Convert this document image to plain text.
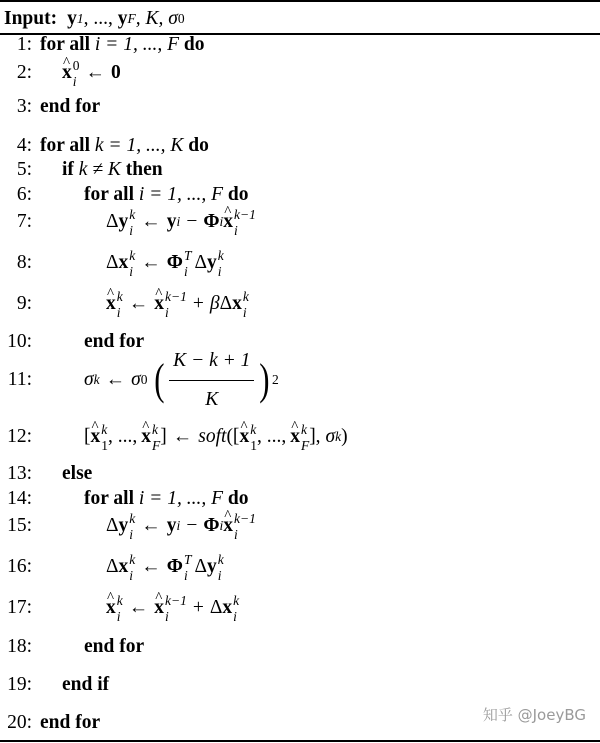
Input: y 1 , ..., y F , K, σ 0
1: for all
i = 1, ..., F
do
2: ^ x 0
i ← 0
3: end for
4: for all
k = 1, ..., K
do
5: if
k ≠ K
then
6:	for all
i = 1, ..., F
do
7:	Δ y k
i ← y i − Φ i ^ x k−1
i
8:	Δ x k
i ← Φ T
i Δ y k
i
9:	^ x k
i ← ^ x k−1
i	+ β Δ x k
i
10:	end for
11:	σ k ← σ 0 ( $\frac{K - k + 1}{K}$ ) 2
12:	[ ^ x k
1 , ..., ^ x k
F ] ← soft ([ ^ x k
1 , ..., ^ x k
F ], σ k )
13: else
14:	for all
i = 1, ..., F
do
15:	Δ y k
i ← y i − Φ i ^ x k−1
i
16:	Δ x k
i ← Φ T
i Δ y k
i
17:	^ x k
i ← ^ x k−1
i	+ Δ x k
i
18:	end for
19: end if
20: end for	知乎 @JoeyBG
